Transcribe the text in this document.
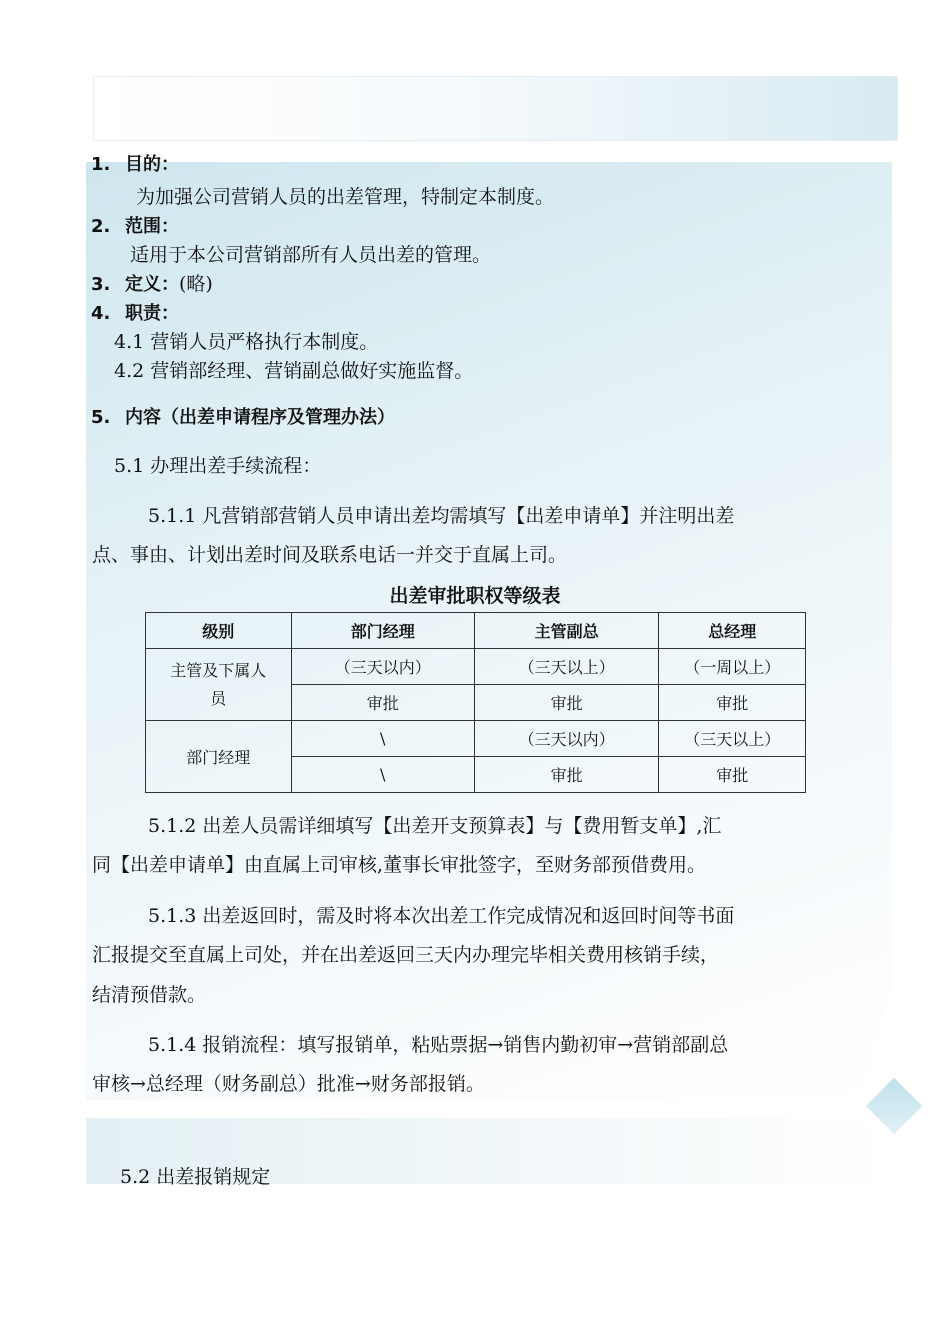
1. 目的：
为加强公司营销人员的出差管理，特制定本制度。
2. 范围：
适用于本公司营销部所有人员出差的管理。
3. 定义：(略)
4. 职责：
4.1 营销人员严格执行本制度。
4.2 营销部经理、营销副总做好实施监督。
5. 内容（出差申请程序及管理办法）
5.1 办理出差手续流程：
5.1.1 凡营销部营销人员申请出差均需填写【出差申请单】并注明出差
点、事由、计划出差时间及联系电话一并交于直属上司。
出差审批职权等级表
级别	部门经理	主管副总	总经理
主管及下属人
员	（三天以内）	（三天以上）	（一周以上）
	审批	审批	审批
部门经理	\	（三天以内）	（三天以上）
	\	审批	审批
5.1.2 出差人员需详细填写【出差开支预算表】与【费用暂支单】,汇
同【出差申请单】由直属上司审核,董事长审批签字，至财务部预借费用。
5.1.3 出差返回时，需及时将本次出差工作完成情况和返回时间等书面
汇报提交至直属上司处，并在出差返回三天内办理完毕相关费用核销手续，
结清预借款。
5.1.4 报销流程：填写报销单，粘贴票据→销售内勤初审→营销部副总
审核→总经理（财务副总）批准→财务部报销。
5.2 出差报销规定
